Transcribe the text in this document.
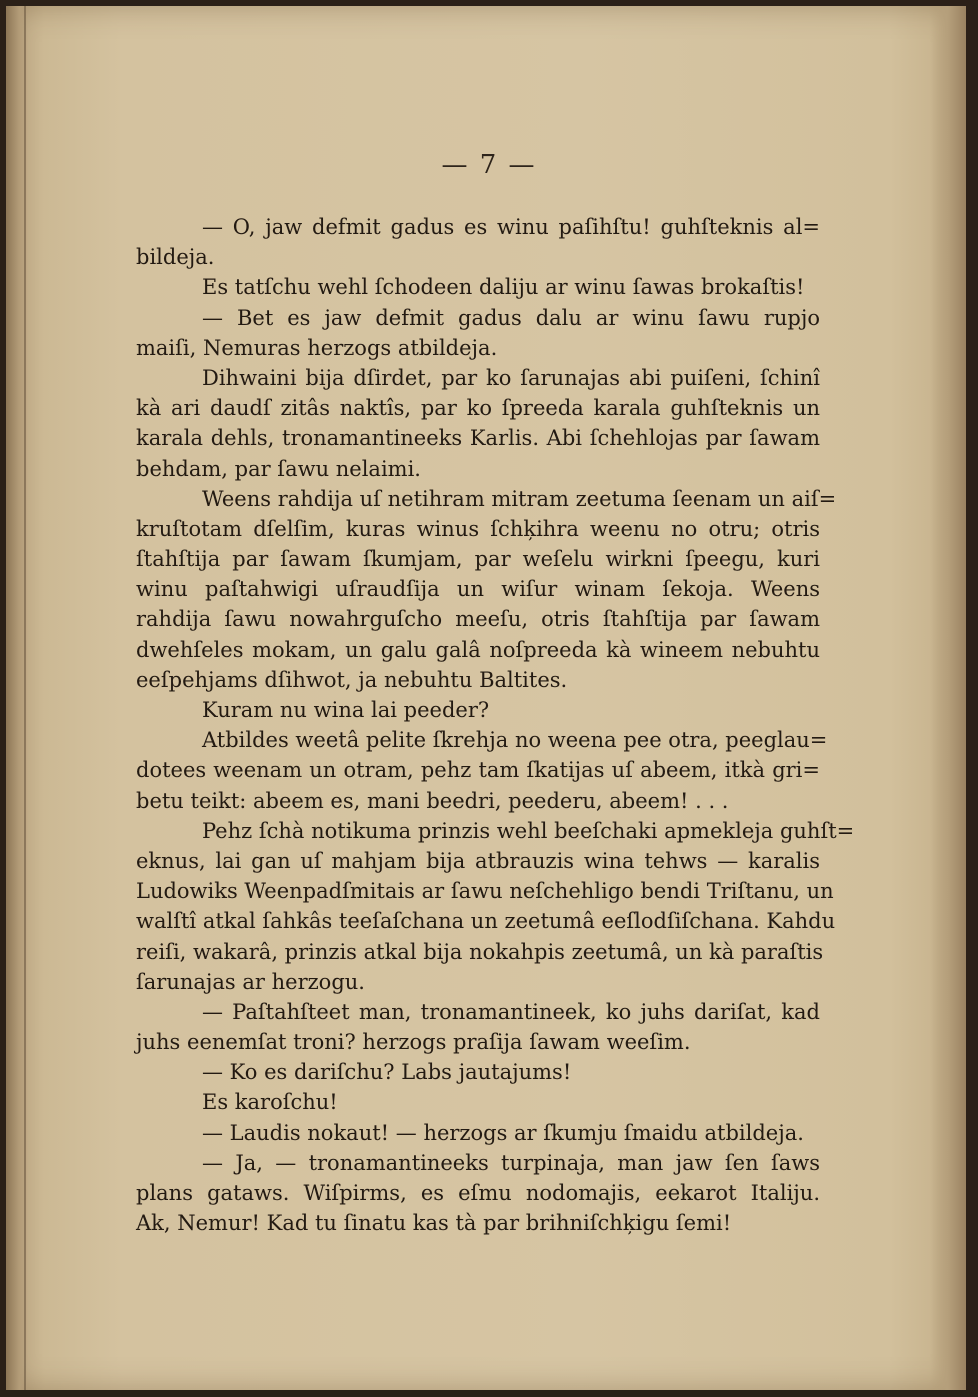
— 7 —
— O, jaw defmit gadus es winu paſihſtu! guhſteknis al=
bildeja.
Es tatſchu wehl ſchodeen daliju ar winu ſawas brokaſtis!
— Bet es jaw defmit gadus dalu ar winu ſawu rupjo
maiſi, Nemuras herzogs atbildeja.
Dihwaini bija dſirdet, par ko ſarunajas abi puiſeni, ſchinî
kà ari daudſ zitâs naktîs, par ko ſpreeda karala guhſteknis un
karala dehls, tronamantineeks Karlis. Abi ſchehlojas par ſawam
behdam, par ſawu nelaimi.
Weens rahdija uſ netihram mitram zeetuma ſeenam un aiſ=
kruſtotam dſelſim, kuras winus ſchķihra weenu no otru; otris
ſtahſtija par ſawam ſkumjam, par weſelu wirkni ſpeegu, kuri
winu paſtahwigi uſraudſija un wiſur winam ſekoja. Weens
rahdija ſawu nowahrguſcho meeſu, otris ſtahſtija par ſawam
dwehſeles mokam, un galu galâ noſpreeda kà wineem nebuhtu
eeſpehjams dſihwot, ja nebuhtu Baltites.
Kuram nu wina lai peeder?
Atbildes weetâ pelite ſkrehja no weena pee otra, peeglau=
dotees weenam un otram, pehz tam ſkatijas uſ abeem, itkà gri=
betu teikt: abeem es, mani beedri, peederu, abeem! . . .
Pehz ſchà notikuma prinzis wehl beeſchaki apmekleja guhſt=
eknus, lai gan uſ mahjam bija atbrauzis wina tehws — karalis
Ludowiks Weenpadſmitais ar ſawu neſchehligo bendi Triſtanu, un
walſtî atkal ſahkâs teeſaſchana un zeetumâ eeſlodſiſchana. Kahdu
reiſi, wakarâ, prinzis atkal bija nokahpis zeetumâ, un kà paraſtis
ſarunajas ar herzogu.
— Paſtahſteet man, tronamantineek, ko juhs dariſat, kad
juhs eenemſat troni? herzogs praſija ſawam weeſim.
— Ko es dariſchu? Labs jautajums!
Es karoſchu!
— Laudis nokaut! — herzogs ar ſkumju ſmaidu atbildeja.
— Ja, — tronamantineeks turpinaja, man jaw ſen ſaws
plans gataws. Wiſpirms, es eſmu nodomajis, eekarot Italiju.
Ak, Nemur! Kad tu ſinatu kas tà par brihniſchķigu ſemi!
